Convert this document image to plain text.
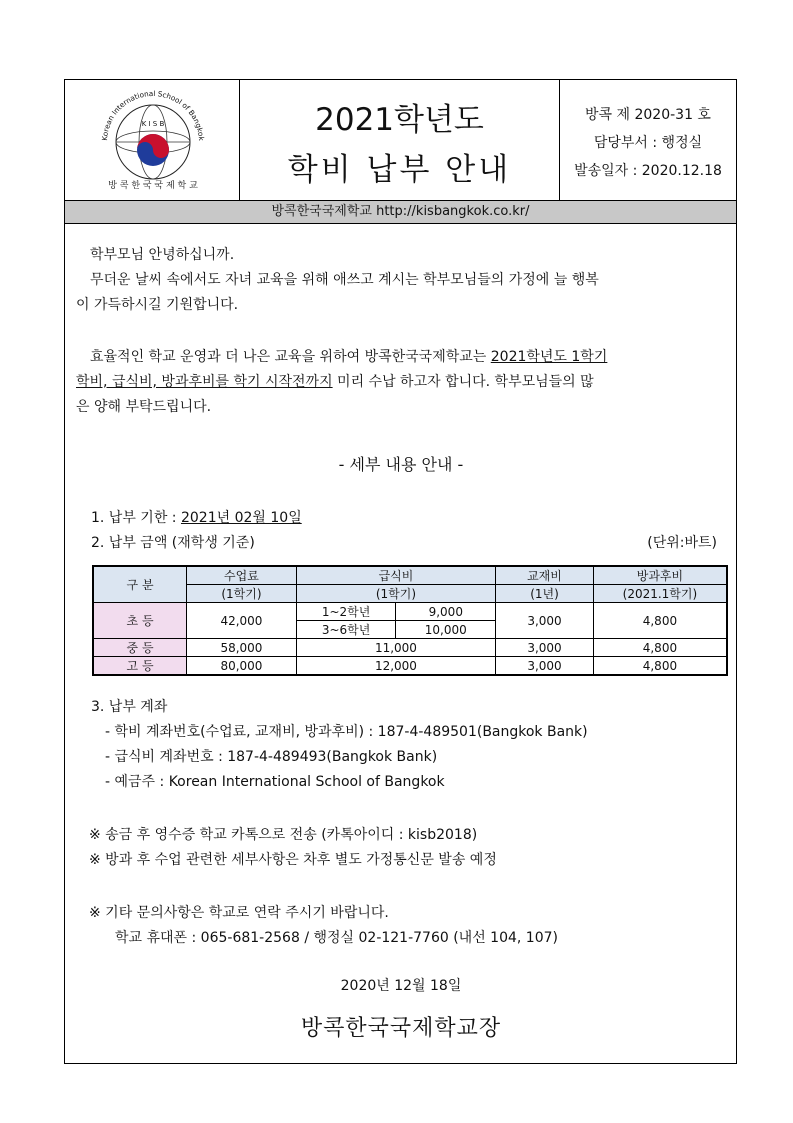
Korean International School of Bangkok
K I S B
방 콕 한 국 국 제 학 교
2021학년도
학비 납부 안내
방콕 제 2020-31 호
담당부서 : 행정실
발송일자 : 2020.12.18
방콕한국국제학교 http://kisbangkok.co.kr/
학부모님 안녕하십니까.
무더운 날씨 속에서도 자녀 교육을 위해 애쓰고 계시는 학부모님들의 가정에 늘 행복
이 가득하시길 기원합니다.
효율적인 학교 운영과 더 나은 교육을 위하여 방콕한국국제학교는 2021학년도 1학기
학비, 급식비, 방과후비를 학기 시작전까지 미리 수납 하고자 합니다. 학부모님들의 많
은 양해 부탁드립니다.
- 세부 내용 안내 -
1. 납부 기한 : 2021년 02월 10일
2. 납부 금액 (재학생 기준)	(단위:바트)
구 분	수업료	급식비		교재비	방과후비
	(1학기)	(1학기)		(1년)	(2021.1학기)
초 등	42,000	1~2학년	9,000	3,000	4,800
		3~6학년	10,000		
중 등	58,000	11,000		3,000	4,800
고 등	80,000	12,000		3,000	4,800
3. 납부 계좌
- 학비 계좌번호(수업료, 교재비, 방과후비) : 187-4-489501(Bangkok Bank)
- 급식비 계좌번호 : 187-4-489493(Bangkok Bank)
- 예금주 : Korean International School of Bangkok
※ 송금 후 영수증 학교 카톡으로 전송 (카톡아이디 : kisb2018)
※ 방과 후 수업 관련한 세부사항은 차후 별도 가정통신문 발송 예정
※ 기타 문의사항은 학교로 연락 주시기 바랍니다.
학교 휴대폰 : 065-681-2568 / 행정실 02-121-7760 (내선 104, 107)
2020년 12월 18일
방콕한국국제학교장
